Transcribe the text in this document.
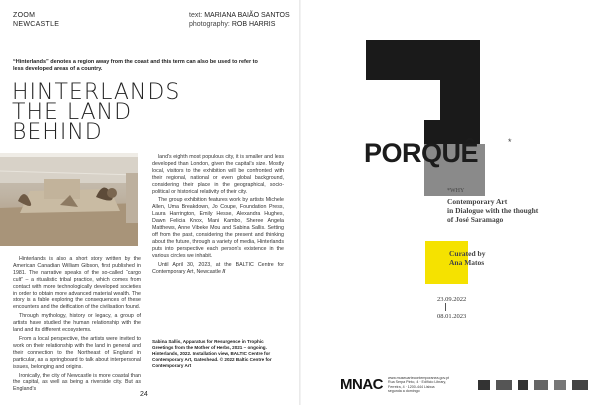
ZOOM
NEWCASTLE
text: MARIANA BAIÃO SANTOS
photography: ROB HARRIS
“Hinterlands” denotes a region away from the coast and this term can also be used to refer to less developed areas of a country.
HINTERLANDS
THE LAND
BEHIND

Hinterlands is also a short story written by the American Canadian William Gibson, first published in 1981. The narrative speaks of the so-called “cargo cult” – a ritualistic tribal practice, which comes from contact with more technologically developed societies in order to obtain more advanced material wealth. The story is a fable exploring the consequences of these encounters and the deification of the civilisation found.

Through mythology, history or legacy, a group of artists have studied the human relationship with the land and its different ecosystems.

From a local perspective, the artists were invited to work on their relationship with the land in general and their connection to the Northeast of England in particular, as a springboard to talk about interpersonal issues, belonging and origins.

Ironically, the city of Newcastle is more coastal than the capital, as well as being a riverside city. But as England's

land's eighth most populous city, it is smaller and less developed than London, given the capital's size. Mostly local, visitors to the exhibition will be confronted with their regional, national or even global background, considering their place in the geographical, socio-political or historical relativity of their city.

The group exhibition features work by artists Michele Allen, Uma Breakdown, Jo Coupe, Foundation Press, Laura Harrington, Emily Hesse, Alexandra Hughes, Dawn Felicia Knox, Mani Kambo, Sheree Angela Matthews, Anne Vibeke Mou and Sabina Sallis. Setting off from the past, considering the present and thinking about the future, through a variety of media, Hinterlands puts into perspective each person's existence in the various circles we inhabit.

Until April 30, 2023, at the BALTIC Centre for Contemporary Art, Newcastle //

Sabina Sallis, Apparatus for Resurgence in Trophic Greetings from the Mother of Herbs, 2021 – ongoing. Hinterlands, 2022. Installation view, BALTIC Centre for Contemporary Art, Gateshead. © 2022 Baltic Centre for Contemporary Art
24
PORQUÊ	*
*WHY
Contemporary Art
in Dialogue with the thought
of José Saramago
Curated by
Ana Matos
23.09.2022
08.01.2023
MNAC www.museuartecontemporanea.gov.pt
Rua Serpa Pinto, 4 · Edifício Library,
Ferreira, 4 · 1200-444 Lisboa
segunda a domingo
